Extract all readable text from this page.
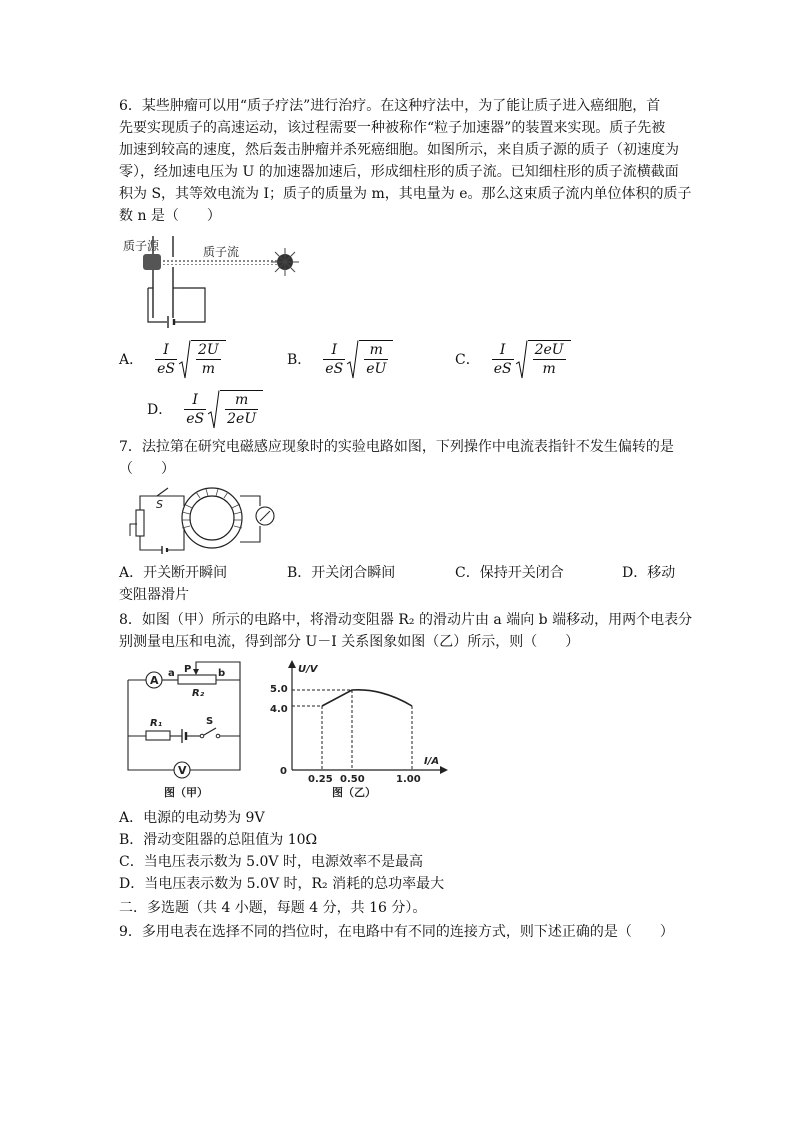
6．某些肿瘤可以用“质子疗法”进行治疗。在这种疗法中，为了能让质子进入癌细胞，首
先要实现质子的高速运动，该过程需要一种被称作“粒子加速器”的装置来实现。质子先被
加速到较高的速度，然后轰击肿瘤并杀死癌细胞。如图所示，来自质子源的质子（初速度为
零），经加速电压为 U 的加速器加速后，形成细柱形的质子流。已知细柱形的质子流横截面
积为 S，其等效电流为 I；质子的质量为 m，其电量为 e。那么这束质子流内单位体积的质子
数 n 是（　　）
质子源	质子流
A． $\frac{I}{eS} \frac{2U}{m}$	B． $\frac{I}{eS} \frac{m}{eU}$	C． $\frac{I}{eS} \frac{2eU}{m}$
D． $\frac{I}{eS} \frac{m}{2eU}$
7．法拉第在研究电磁感应现象时的实验电路如图，下列操作中电流表指针不发生偏转的是
（　　）
S
A．开关断开瞬间	B．开关闭合瞬间	C．保持开关闭合	D．移动
变阻器滑片
8．如图（甲）所示的电路中，将滑动变阻器 R₂ 的滑动片由 a 端向 b 端移动，用两个电表分
别测量电压和电流，得到部分 U－I 关系图象如图（乙）所示，则（　　）
A
a	b
P
R₂
R₁	S
V
图（甲）
U/V
I/A
0
5.0
4.0
0.25 0.50	1.00
图（乙）
A．电源的电动势为 9V
B．滑动变阻器的总阻值为 10Ω
C．当电压表示数为 5.0V 时，电源效率不是最高
D．当电压表示数为 5.0V 时，R₂ 消耗的总功率最大
二．多选题（共 4 小题，每题 4 分，共 16 分）。
9．多用电表在选择不同的挡位时，在电路中有不同的连接方式，则下述正确的是（　　）
